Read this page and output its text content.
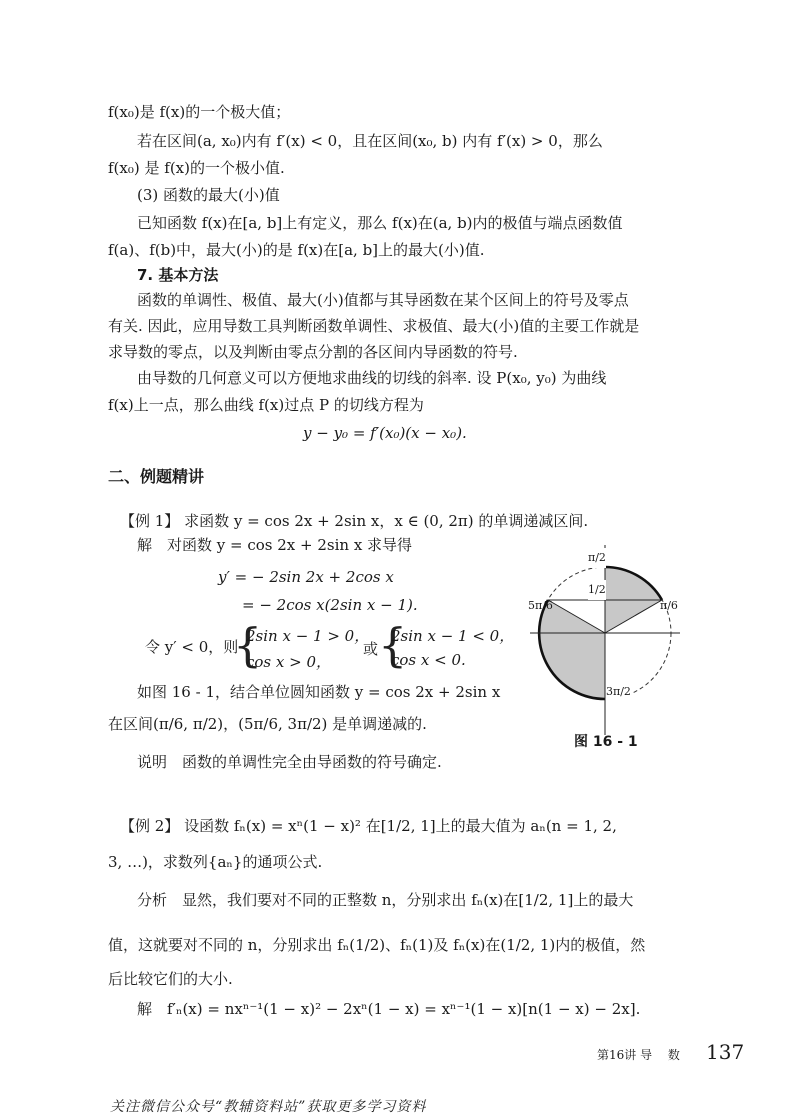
f(x₀)是 f(x)的一个极大值；
若在区间(a, x₀)内有 f′(x) < 0，且在区间(x₀, b) 内有 f′(x) > 0，那么
f(x₀) 是 f(x)的一个极小值.
(3) 函数的最大(小)值
已知函数 f(x)在[a, b]上有定义，那么 f(x)在(a, b)内的极值与端点函数值
f(a)、f(b)中，最大(小)的是 f(x)在[a, b]上的最大(小)值.
7. 基本方法
函数的单调性、极值、最大(小)值都与其导函数在某个区间上的符号及零点
有关. 因此，应用导数工具判断函数单调性、求极值、最大(小)值的主要工作就是
求导数的零点，以及判断由零点分割的各区间内导函数的符号.
由导数的几何意义可以方便地求曲线的切线的斜率. 设 P(x₀, y₀) 为曲线
f(x)上一点，那么曲线 f(x)过点 P 的切线方程为
y − y₀ = f′(x₀)(x − x₀).
二、例题精讲
【例 1】 求函数 y = cos 2x + 2sin x，x ∈ (0, 2π) 的单调递减区间.
解　对函数 y = cos 2x + 2sin x 求导得
y′ = − 2sin 2x + 2cos x
= − 2cos x(2sin x − 1).
令 y′ < 0，则
{
2sin x − 1 > 0，
cos x > 0，
或 {
2sin x − 1 < 0，
cos x < 0.
如图 16 - 1，结合单位圆知函数 y = cos 2x + 2sin x
在区间(π/6, π/2)，(5π/6, 3π/2) 是单调递减的.
说明　函数的单调性完全由导函数的符号确定.
【例 2】 设函数 fₙ(x) = xⁿ(1 − x)² 在[1/2, 1]上的最大值为 aₙ(n = 1, 2,
3, …)，求数列{aₙ}的通项公式.
分析　显然，我们要对不同的正整数 n，分别求出 fₙ(x)在[1/2, 1]上的最大
值，这就要对不同的 n，分别求出 fₙ(1/2)、fₙ(1)及 fₙ(x)在(1/2, 1)内的极值，然
后比较它们的大小.
解　f′ₙ(x) = nxⁿ⁻¹(1 − x)² − 2xⁿ(1 − x) = xⁿ⁻¹(1 − x)[n(1 − x) − 2x].
π/2
1/2
π/6
5π/6
3π/2
图 16 - 1
第16讲 导　 数 137
关注微信公众号“教辅资料站”获取更多学习资料
